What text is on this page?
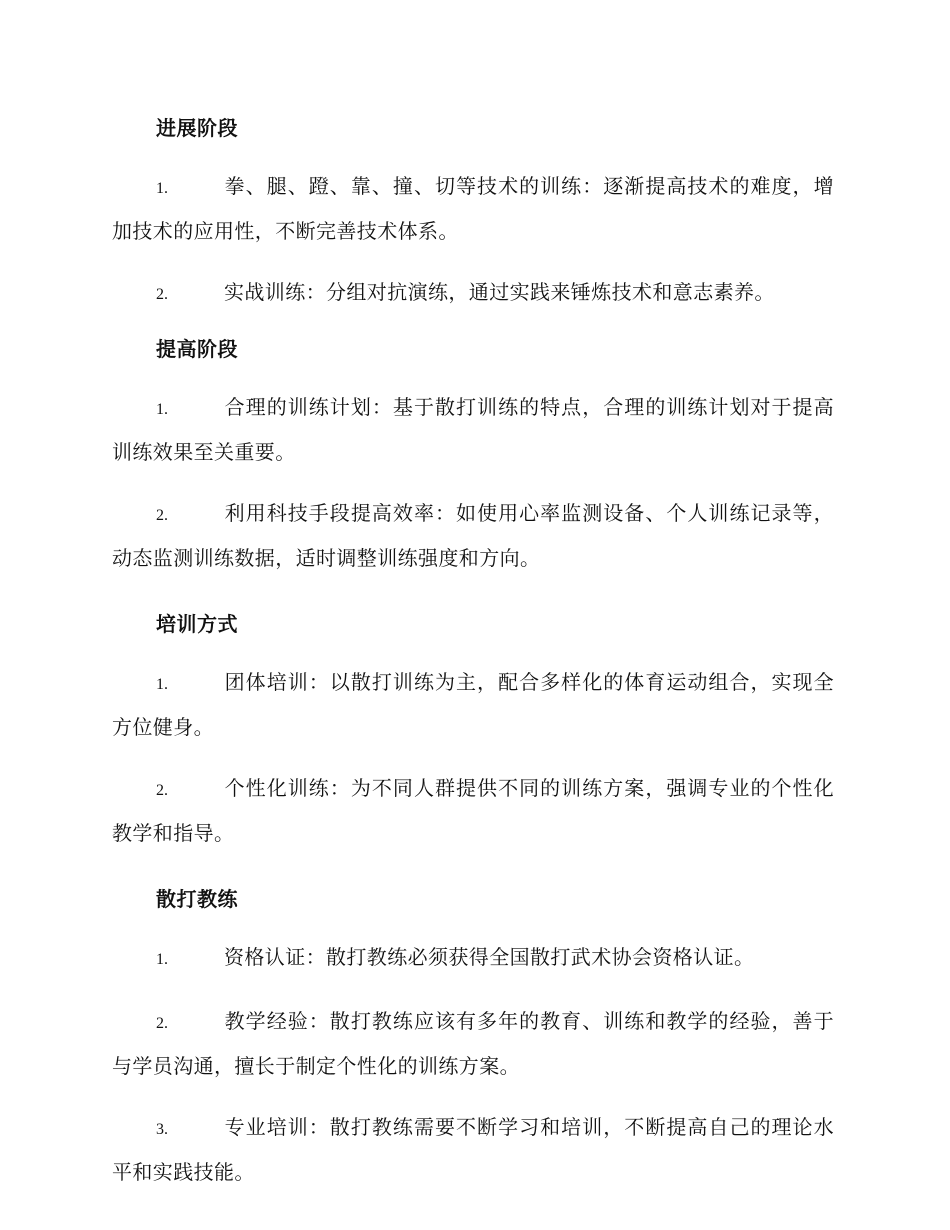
进展阶段
1.	拳、腿、蹬、靠、撞、切等技术的训练：逐渐提高技术的难度，增加技术的应用性，不断完善技术体系。
2.	实战训练：分组对抗演练，通过实践来锤炼技术和意志素养。
提高阶段
1.	合理的训练计划：基于散打训练的特点，合理的训练计划对于提高训练效果至关重要。
2.	利用科技手段提高效率：如使用心率监测设备、个人训练记录等，动态监测训练数据，适时调整训练强度和方向。
培训方式
1.	团体培训：以散打训练为主，配合多样化的体育运动组合，实现全方位健身。
2.	个性化训练：为不同人群提供不同的训练方案，强调专业的个性化教学和指导。
散打教练
1.	资格认证：散打教练必须获得全国散打武术协会资格认证。
2.	教学经验：散打教练应该有多年的教育、训练和教学的经验，善于与学员沟通，擅长于制定个性化的训练方案。
3.	专业培训：散打教练需要不断学习和培训，不断提高自己的理论水平和实践技能。
